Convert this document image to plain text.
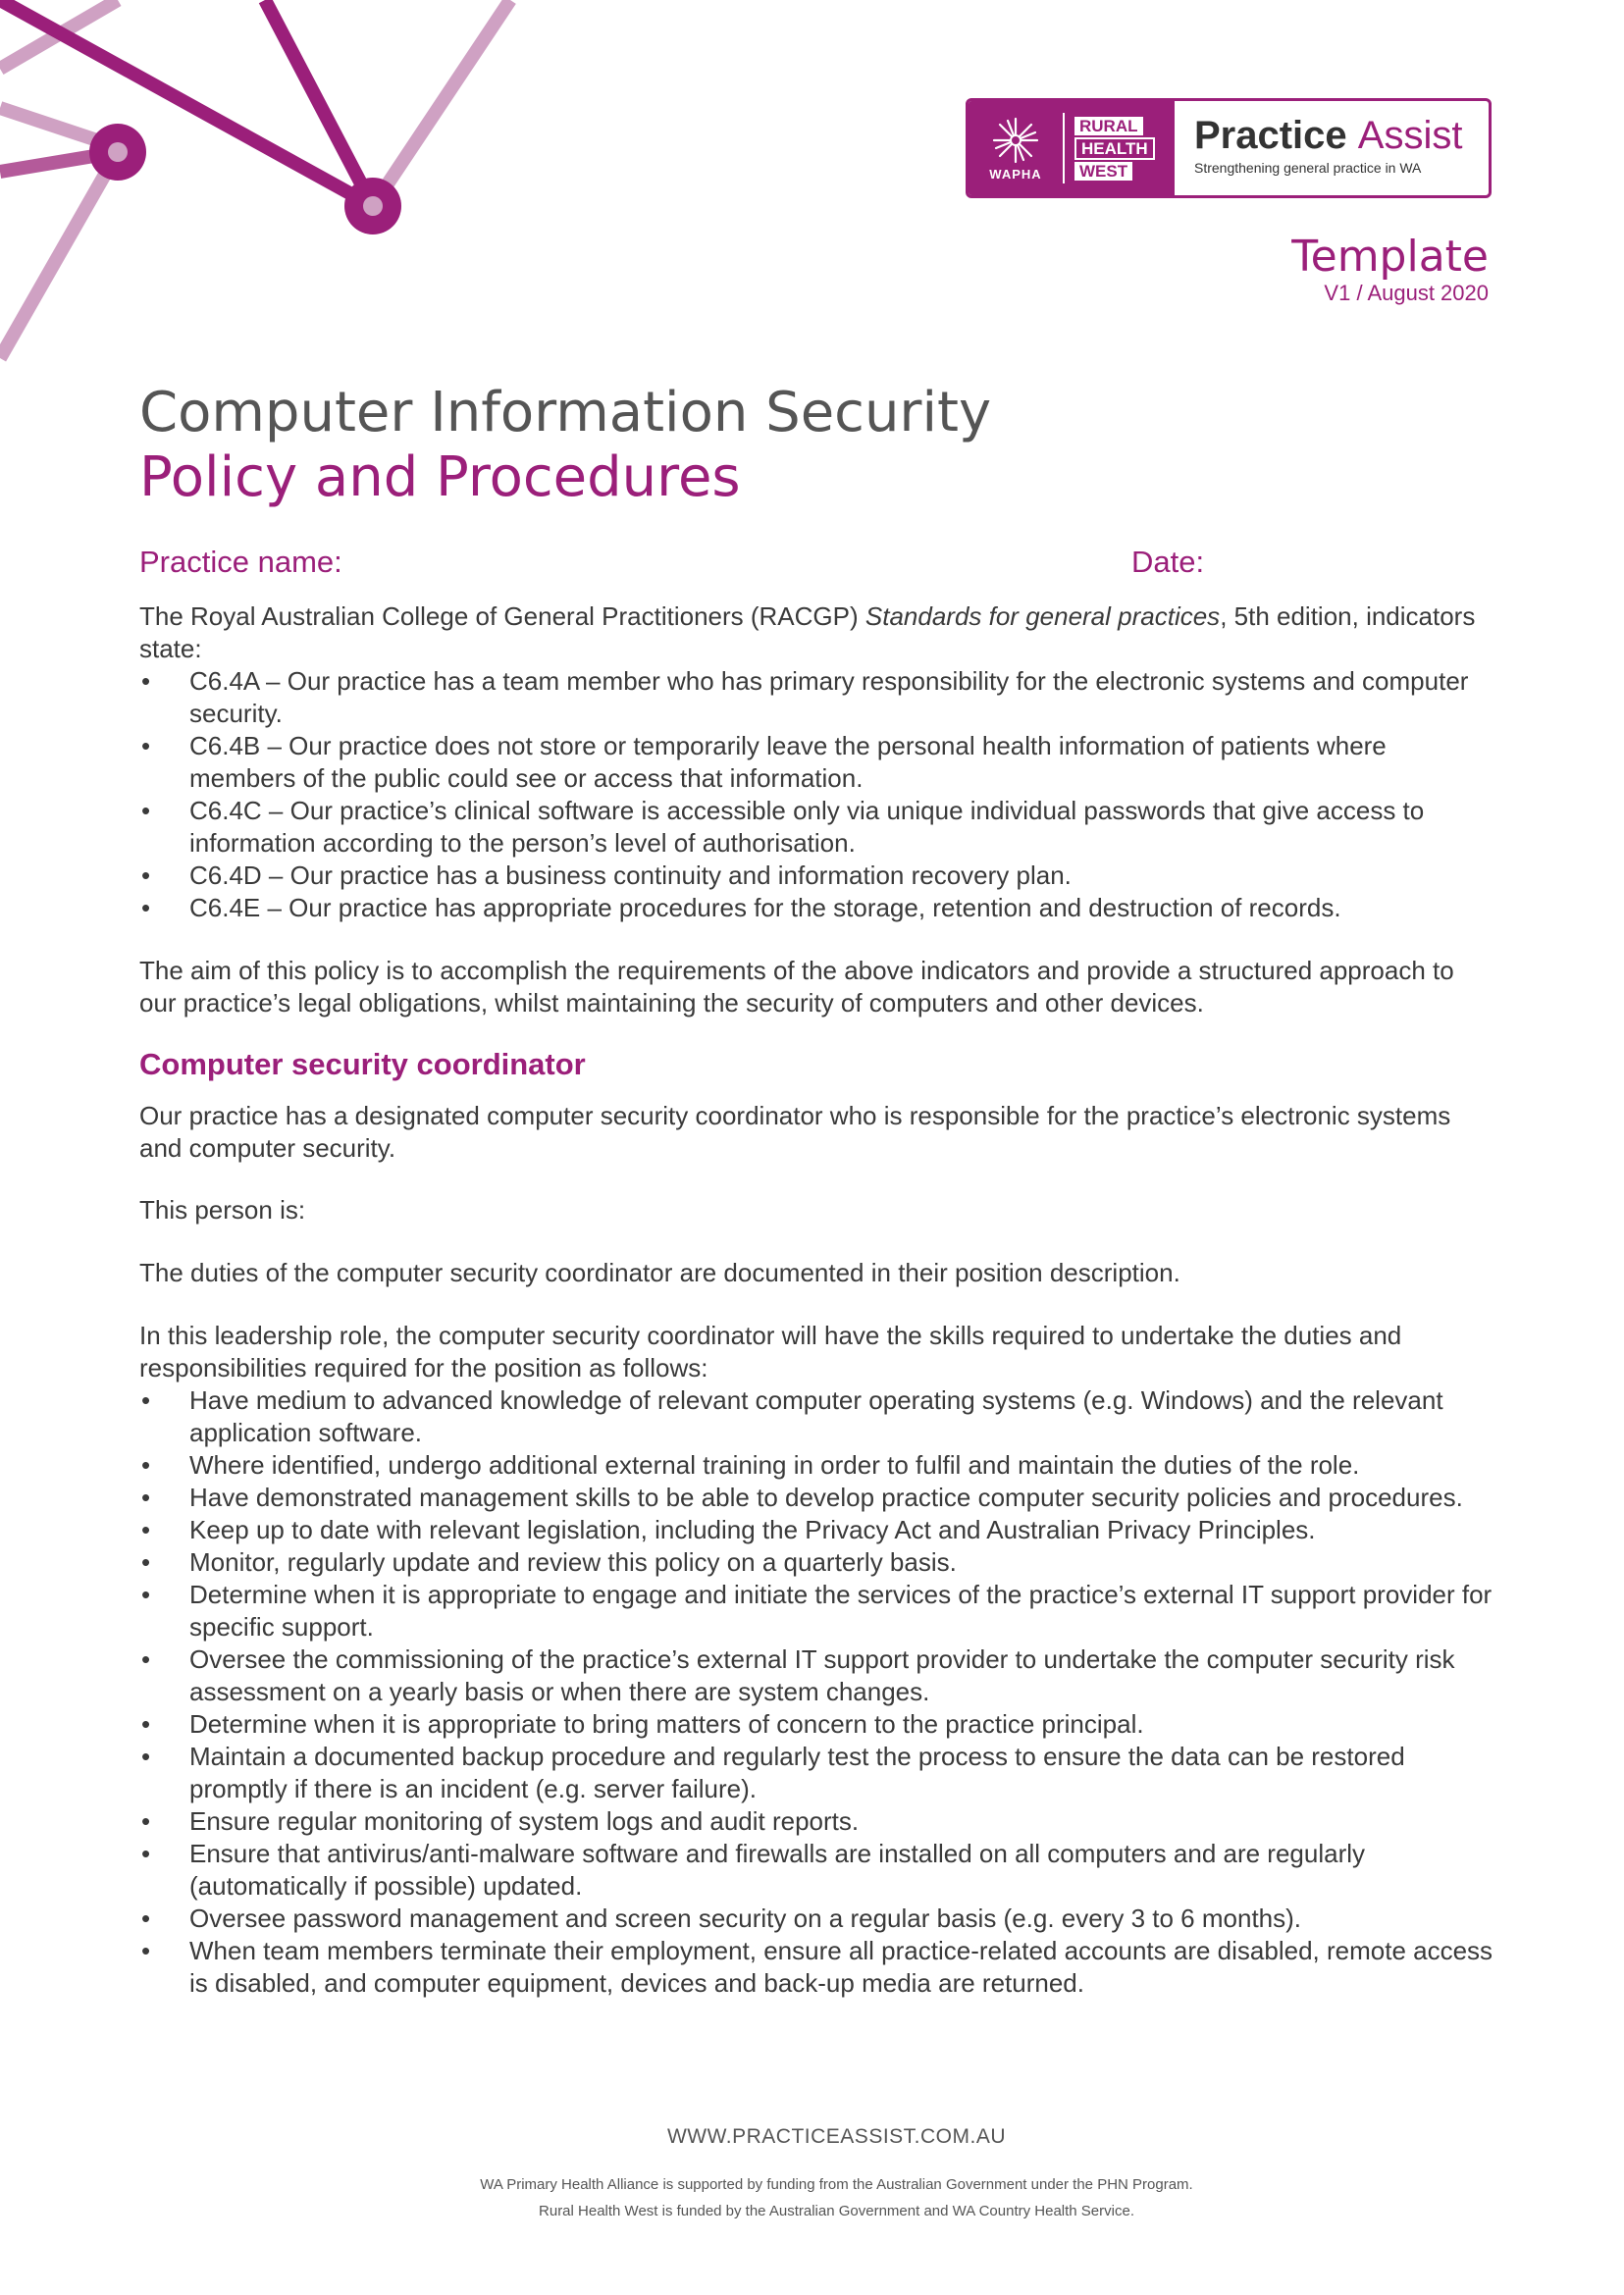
WAPHA
RURAL
HEALTH
WEST
Practice Assist
Strengthening general practice in WA
Template
V1 / August 2020
Computer Information Security
Policy and Procedures
Practice name:	Date:

The Royal Australian College of General Practitioners (RACGP) Standards for general practices, 5th edition, indicators state:

• C6.4A – Our practice has a team member who has primary responsibility for the electronic systems and computer security.
• C6.4B – Our practice does not store or temporarily leave the personal health information of patients where members of the public could see or access that information.
• C6.4C – Our practice’s clinical software is accessible only via unique individual passwords that give access to information according to the person’s level of authorisation.
• C6.4D – Our practice has a business continuity and information recovery plan.
• C6.4E – Our practice has appropriate procedures for the storage, retention and destruction of records.

The aim of this policy is to accomplish the requirements of the above indicators and provide a structured approach to our practice’s legal obligations, whilst maintaining the security of computers and other devices.

Computer security coordinator

Our practice has a designated computer security coordinator who is responsible for the practice’s electronic systems and computer security.

This person is:

The duties of the computer security coordinator are documented in their position description.

In this leadership role, the computer security coordinator will have the skills required to undertake the duties and responsibilities required for the position as follows:

• Have medium to advanced knowledge of relevant computer operating systems (e.g. Windows) and the relevant application software.
• Where identified, undergo additional external training in order to fulfil and maintain the duties of the role.
• Have demonstrated management skills to be able to develop practice computer security policies and procedures.
• Keep up to date with relevant legislation, including the Privacy Act and Australian Privacy Principles.
• Monitor, regularly update and review this policy on a quarterly basis.
• Determine when it is appropriate to engage and initiate the services of the practice’s external IT support provider for specific support.
• Oversee the commissioning of the practice’s external IT support provider to undertake the computer security risk assessment on a yearly basis or when there are system changes.
• Determine when it is appropriate to bring matters of concern to the practice principal.
• Maintain a documented backup procedure and regularly test the process to ensure the data can be restored promptly if there is an incident (e.g. server failure).
• Ensure regular monitoring of system logs and audit reports.
• Ensure that antivirus/anti-malware software and firewalls are installed on all computers and are regularly (automatically if possible) updated.
• Oversee password management and screen security on a regular basis (e.g. every 3 to 6 months).
• When team members terminate their employment, ensure all practice-related accounts are disabled, remote access is disabled, and computer equipment, devices and back-up media are returned.
WWW.PRACTICEASSIST.COM.AU
WA Primary Health Alliance is supported by funding from the Australian Government under the PHN Program.
Rural Health West is funded by the Australian Government and WA Country Health Service.
